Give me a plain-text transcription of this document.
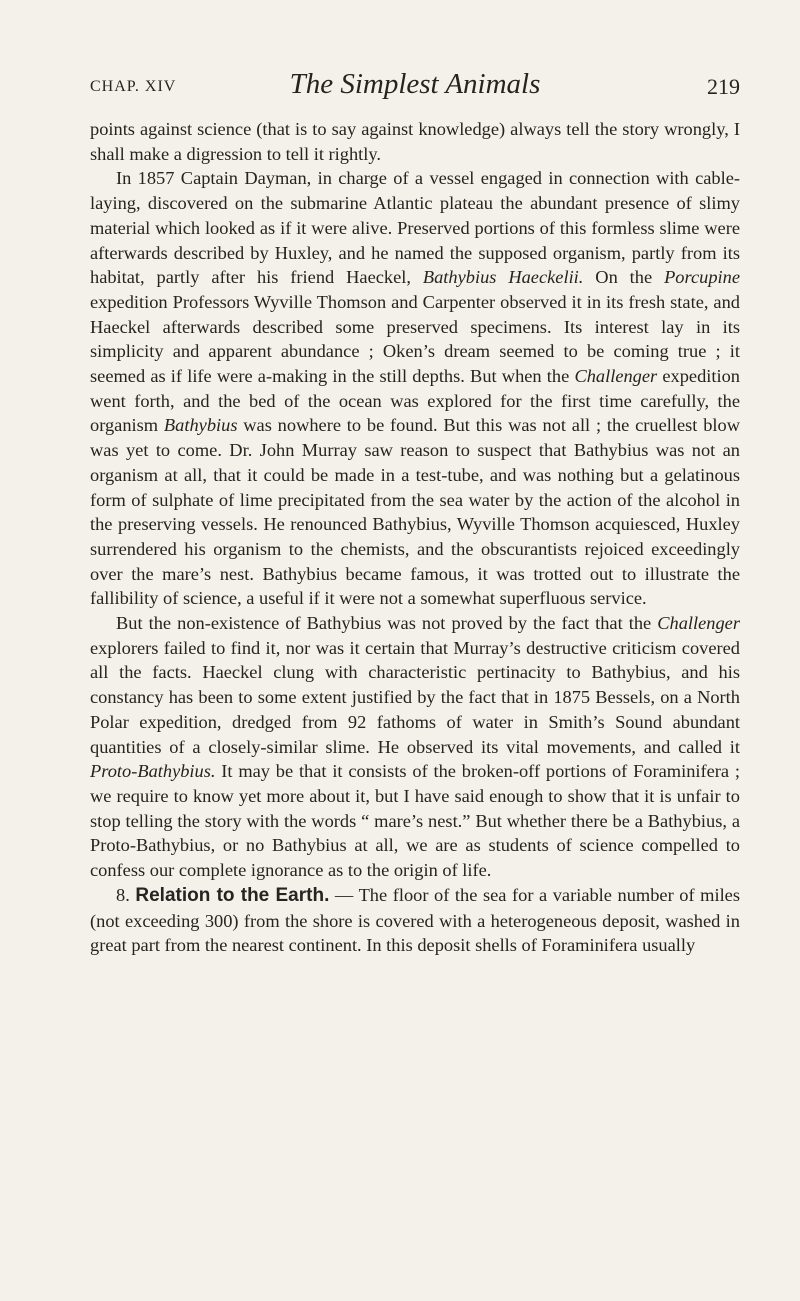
CHAP. XIV	The Simplest Animals	219

points against science (that is to say against knowledge) always tell the story wrongly, I shall make a digression to tell it rightly.

In 1857 Captain Dayman, in charge of a vessel engaged in connection with cable-laying, discovered on the submarine Atlantic plateau the abundant presence of slimy material which looked as if it were alive. Preserved portions of this formless slime were afterwards described by Huxley, and he named the supposed organism, partly from its habitat, partly after his friend Haeckel, Bathybius Haeckelii. On the Porcupine expedition Professors Wyville Thomson and Carpenter observed it in its fresh state, and Haeckel afterwards described some preserved specimens. Its interest lay in its simplicity and apparent abundance ; Oken’s dream seemed to be coming true ; it seemed as if life were a-making in the still depths. But when the Challenger expedition went forth, and the bed of the ocean was explored for the first time carefully, the organism Bathybius was nowhere to be found. But this was not all ; the cruellest blow was yet to come. Dr. John Murray saw reason to suspect that Bathybius was not an organism at all, that it could be made in a test-tube, and was nothing but a gelatinous form of sulphate of lime precipitated from the sea water by the action of the alcohol in the preserving vessels. He renounced Bathybius, Wyville Thomson acquiesced, Huxley surrendered his organism to the chemists, and the obscurantists rejoiced exceedingly over the mare’s nest. Bathybius became famous, it was trotted out to illustrate the fallibility of science, a useful if it were not a somewhat superfluous service.

But the non-existence of Bathybius was not proved by the fact that the Challenger explorers failed to find it, nor was it certain that Murray’s destructive criticism covered all the facts. Haeckel clung with characteristic pertinacity to Bathybius, and his constancy has been to some extent justified by the fact that in 1875 Bessels, on a North Polar expedition, dredged from 92 fathoms of water in Smith’s Sound abundant quantities of a closely-similar slime. He observed its vital movements, and called it Proto-Bathybius. It may be that it consists of the broken-off portions of Foraminifera ; we require to know yet more about it, but I have said enough to show that it is unfair to stop telling the story with the words “ mare’s nest.” But whether there be a Bathybius, a Proto-Bathybius, or no Bathybius at all, we are as students of science compelled to confess our complete ignorance as to the origin of life.

8. Relation to the Earth. — The floor of the sea for a variable number of miles (not exceeding 300) from the shore is covered with a heterogeneous deposit, washed in great part from the nearest continent. In this deposit shells of Foraminifera usually
